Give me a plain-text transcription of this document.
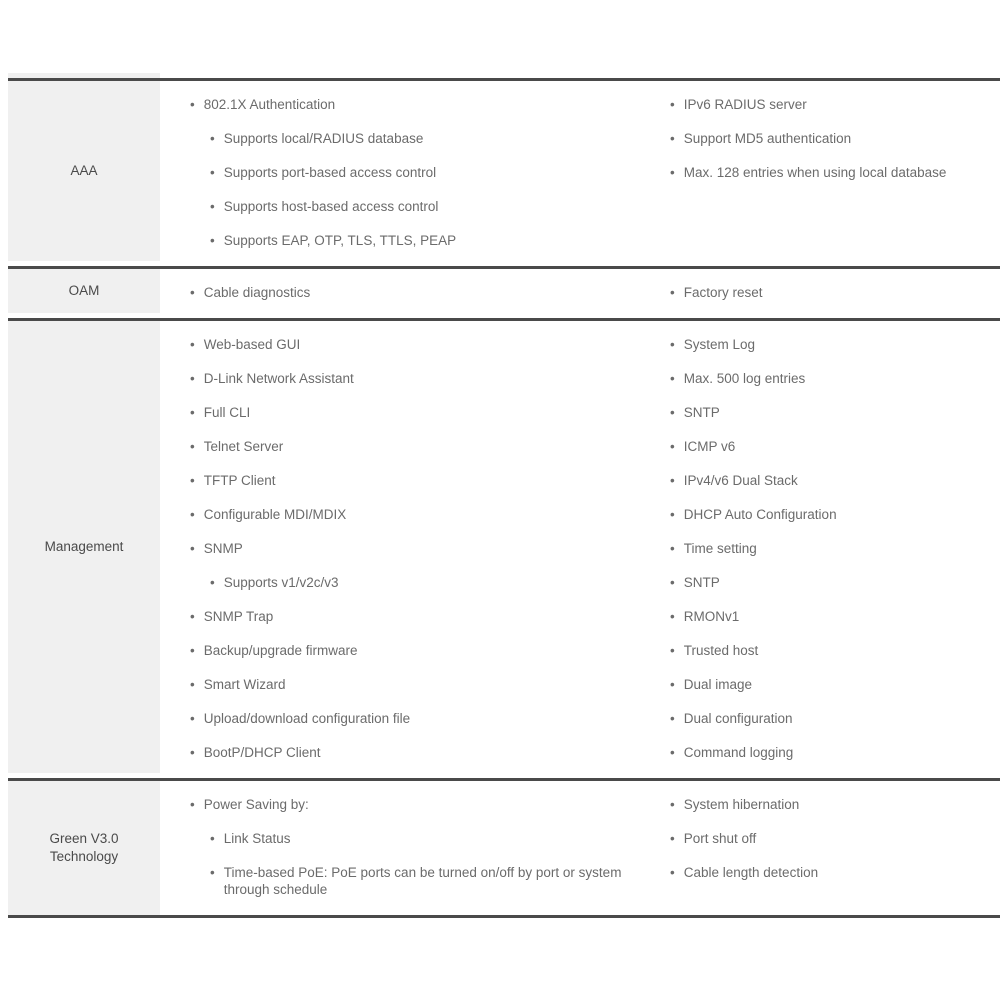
AAA
• 802.1X Authentication
• Supports local/RADIUS database
• Supports port-based access control
• Supports host-based access control
• Supports EAP, OTP, TLS, TTLS, PEAP
• IPv6 RADIUS server
• Support MD5 authentication
• Max. 128 entries when using local database
OAM	• Cable diagnostics	• Factory reset
Management
• Web-based GUI
• D-Link Network Assistant
• Full CLI
• Telnet Server
• TFTP Client
• Configurable MDI/MDIX
• SNMP
• Supports v1/v2c/v3
• SNMP Trap
• Backup/upgrade firmware
• Smart Wizard
• Upload/download configuration file
• BootP/DHCP Client
• System Log
• Max. 500 log entries
• SNTP
• ICMP v6
• IPv4/v6 Dual Stack
• DHCP Auto Configuration
• Time setting
• SNTP
• RMONv1
• Trusted host
• Dual image
• Dual configuration
• Command logging
Green V3.0 Technology
• Power Saving by:
• Link Status
• Time-based PoE: PoE ports can be turned on/off by port or system through schedule
• System hibernation
• Port shut off
• Cable length detection
